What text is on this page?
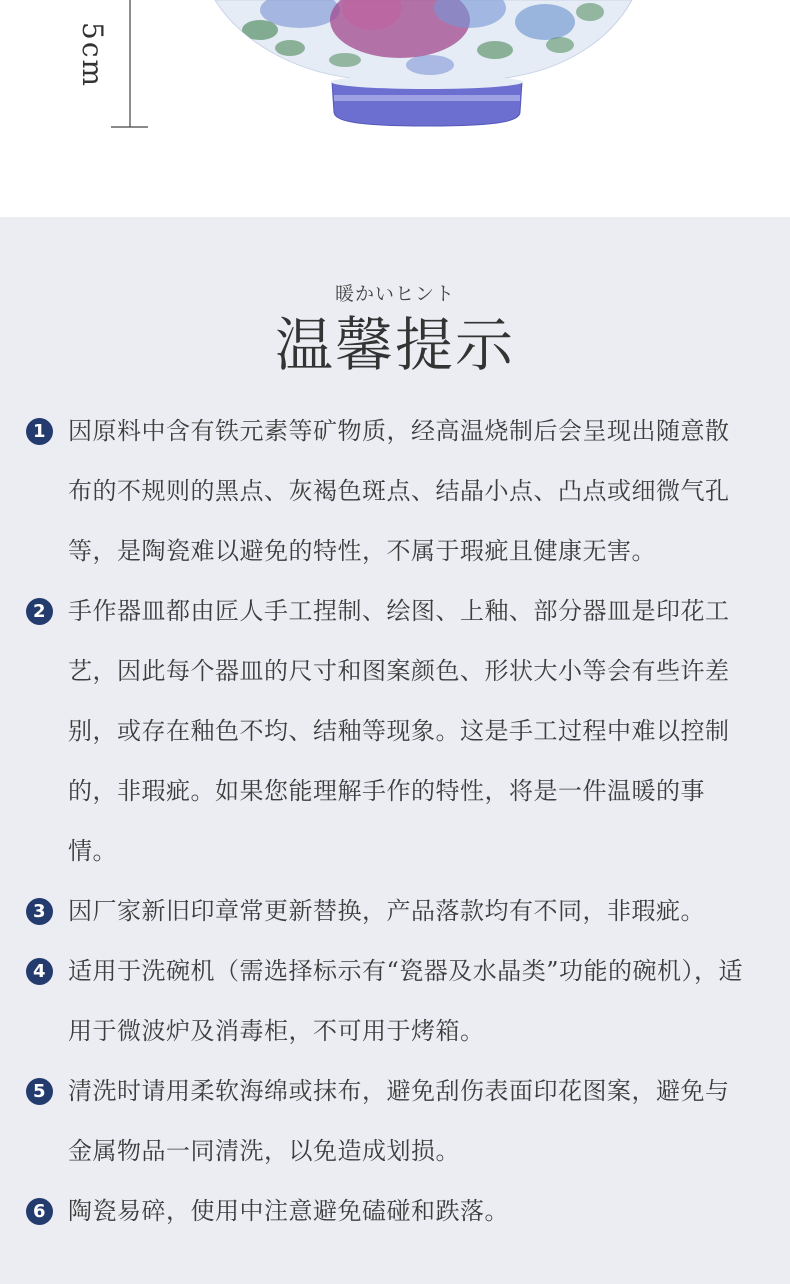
5cm
暖かいヒント
温馨提示
1 因原料中含有铁元素等矿物质，经高温烧制后会呈现出随意散布的不规则的黑点、灰褐色斑点、结晶小点、凸点或细微气孔等，是陶瓷难以避免的特性，不属于瑕疵且健康无害。
2 手作器皿都由匠人手工捏制、绘图、上釉、部分器皿是印花工艺，因此每个器皿的尺寸和图案颜色、形状大小等会有些许差别，或存在釉色不均、结釉等现象。这是手工过程中难以控制的，非瑕疵。如果您能理解手作的特性，将是一件温暖的事情。
3 因厂家新旧印章常更新替换，产品落款均有不同，非瑕疵。
4 适用于洗碗机（需选择标示有“瓷器及水晶类”功能的碗机），适用于微波炉及消毒柜，不可用于烤箱。
5 清洗时请用柔软海绵或抹布，避免刮伤表面印花图案，避免与金属物品一同清洗，以免造成划损。
6 陶瓷易碎，使用中注意避免磕碰和跌落。
